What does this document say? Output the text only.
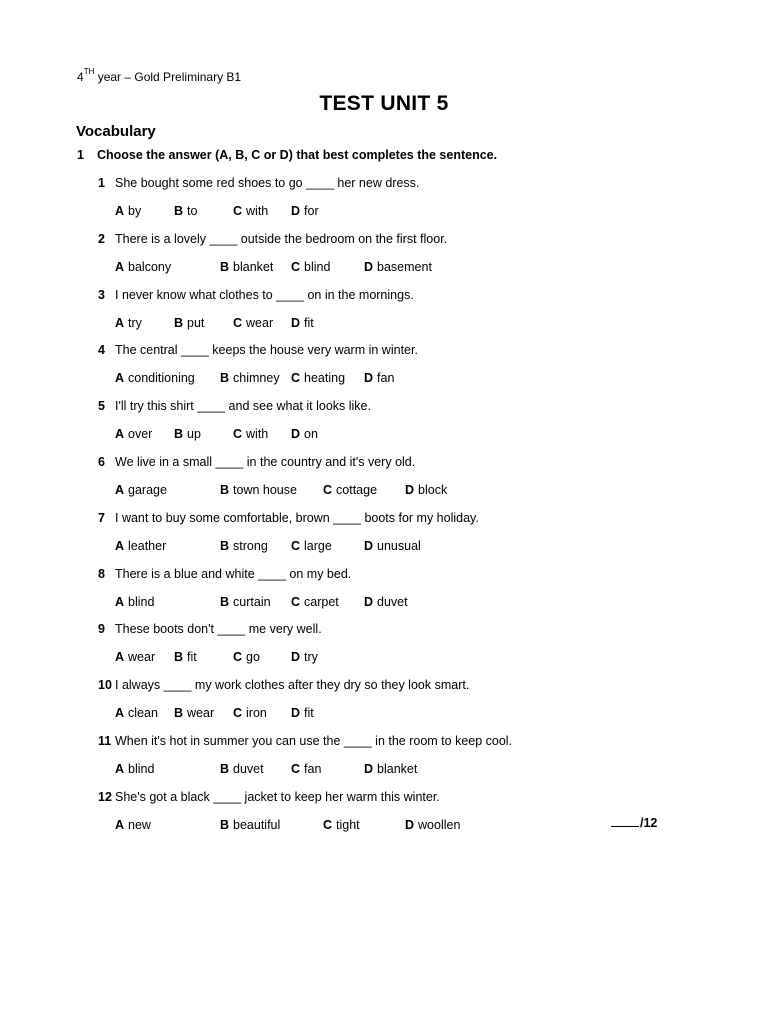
4TH year – Gold Preliminary B1
TEST UNIT 5
Vocabulary
1 Choose the answer (A, B, C or D) that best completes the sentence.
1 She bought some red shoes to go ____ her new dress.
A by	B to	C with D for
2 There is a lovely ____ outside the bedroom on the first floor.
A balcony	B blanket C blind	D basement
3 I never know what clothes to ____ on in the mornings.
A try	B put C wear D fit
4 The central ____ keeps the house very warm in winter.
A conditioning B chimney C heating D fan
5 I'll try this shirt ____ and see what it looks like.
A over B up	C with D on
6 We live in a small ____ in the country and it's very old.
A garage	B town house C cottage D block
7 I want to buy some comfortable, brown ____ boots for my holiday.
A leather	B strong C large	D unusual
8 There is a blue and white ____ on my bed.
A blind	B curtain C carpet D duvet
9 These boots don't ____ me very well.
A wear B fit	C go D try
10 I always ____ my work clothes after they dry so they look smart.
A clean B wear C iron D fit
11 When it's hot in summer you can use the ____ in the room to keep cool.
A blind	B duvet C fan	D blanket
12 She's got a black ____ jacket to keep her warm this winter.
A new	B beautiful	C tight	D woollen	/12
